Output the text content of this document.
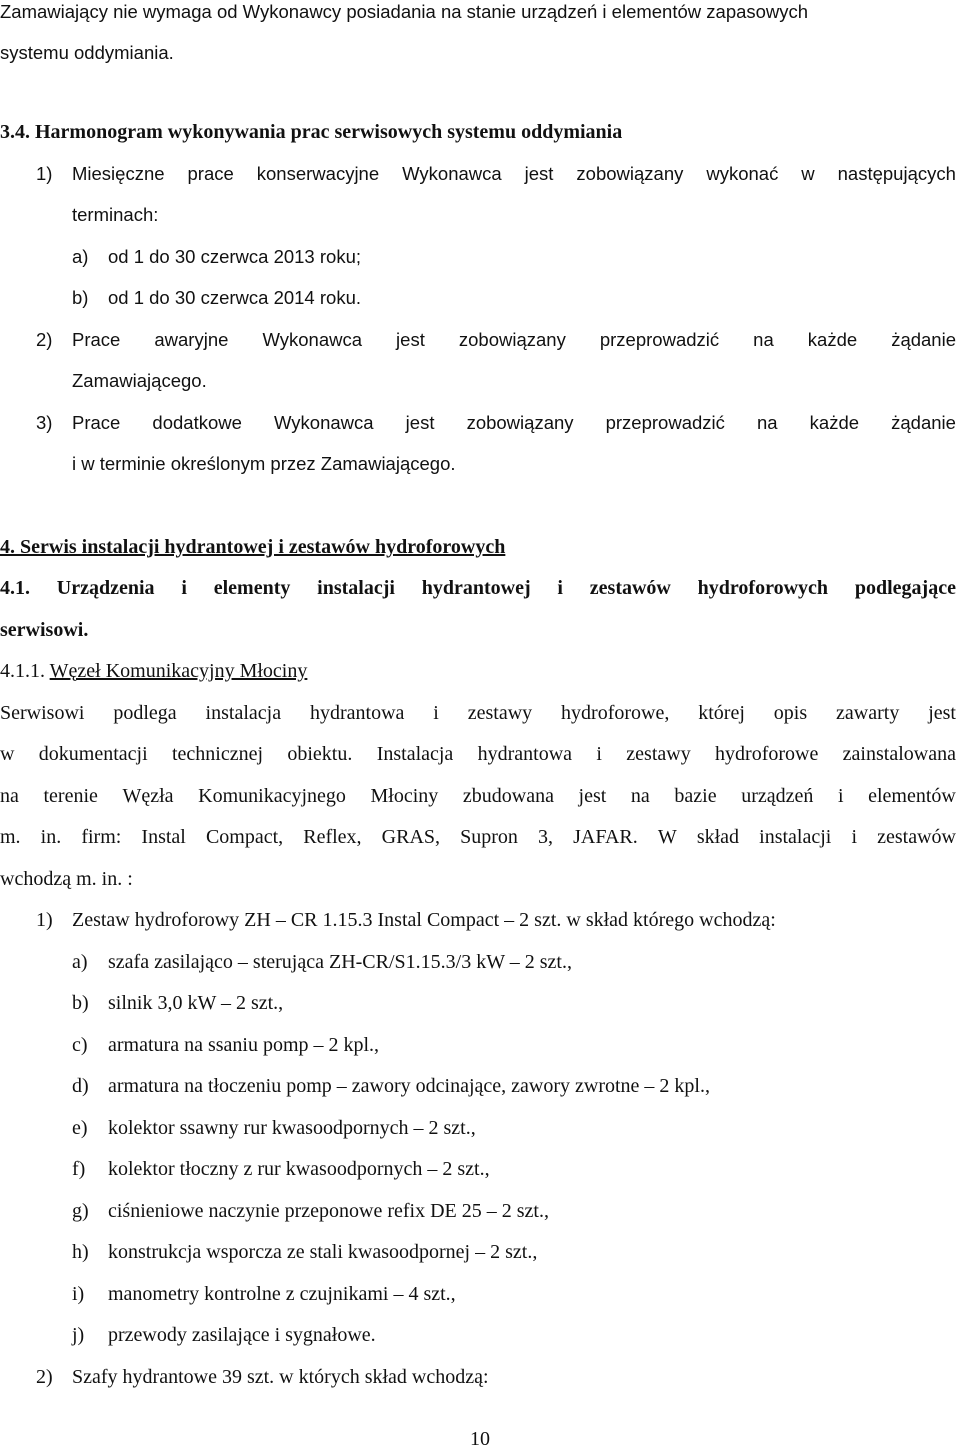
Zamawiający nie wymaga od Wykonawcy posiadania na stanie urządzeń i elementów zapasowych
systemu oddymiania.
3.4. Harmonogram wykonywania prac serwisowych systemu oddymiania
1) Miesięczne prace konserwacyjne Wykonawca jest zobowiązany wykonać w następujących
terminach:
a) od 1 do 30 czerwca 2013 roku;
b) od 1 do 30 czerwca 2014 roku.
2) Prace awaryjne Wykonawca jest zobowiązany przeprowadzić na każde żądanie
Zamawiającego.
3) Prace dodatkowe Wykonawca jest zobowiązany przeprowadzić na każde żądanie
i w terminie określonym przez Zamawiającego.
4. Serwis instalacji hydrantowej i zestawów hydroforowych
4.1. Urządzenia i elementy instalacji hydrantowej i zestawów hydroforowych podlegające
serwisowi.
4.1.1. Węzeł Komunikacyjny Młociny
Serwisowi podlega instalacja hydrantowa i zestawy hydroforowe, której opis zawarty jest
w dokumentacji technicznej obiektu. Instalacja hydrantowa i zestawy hydroforowe zainstalowana
na terenie Węzła Komunikacyjnego Młociny zbudowana jest na bazie urządzeń i elementów
m. in. firm: Instal Compact, Reflex, GRAS, Supron 3, JAFAR. W skład instalacji i zestawów
wchodzą m. in. :
1) Zestaw hydroforowy ZH – CR 1.15.3 Instal Compact – 2 szt. w skład którego wchodzą:
a) szafa zasilająco – sterująca ZH-CR/S1.15.3/3 kW – 2 szt.,
b) silnik 3,0 kW – 2 szt.,
c) armatura na ssaniu pomp – 2 kpl.,
d) armatura na tłoczeniu pomp – zawory odcinające, zawory zwrotne – 2 kpl.,
e) kolektor ssawny rur kwasoodpornych – 2 szt.,
f) kolektor tłoczny z rur kwasoodpornych – 2 szt.,
g) ciśnieniowe naczynie przeponowe refix DE 25 – 2 szt.,
h) konstrukcja wsporcza ze stali kwasoodpornej – 2 szt.,
i) manometry kontrolne z czujnikami – 4 szt.,
j) przewody zasilające i sygnałowe.
2) Szafy hydrantowe 39 szt. w których skład wchodzą:
10
